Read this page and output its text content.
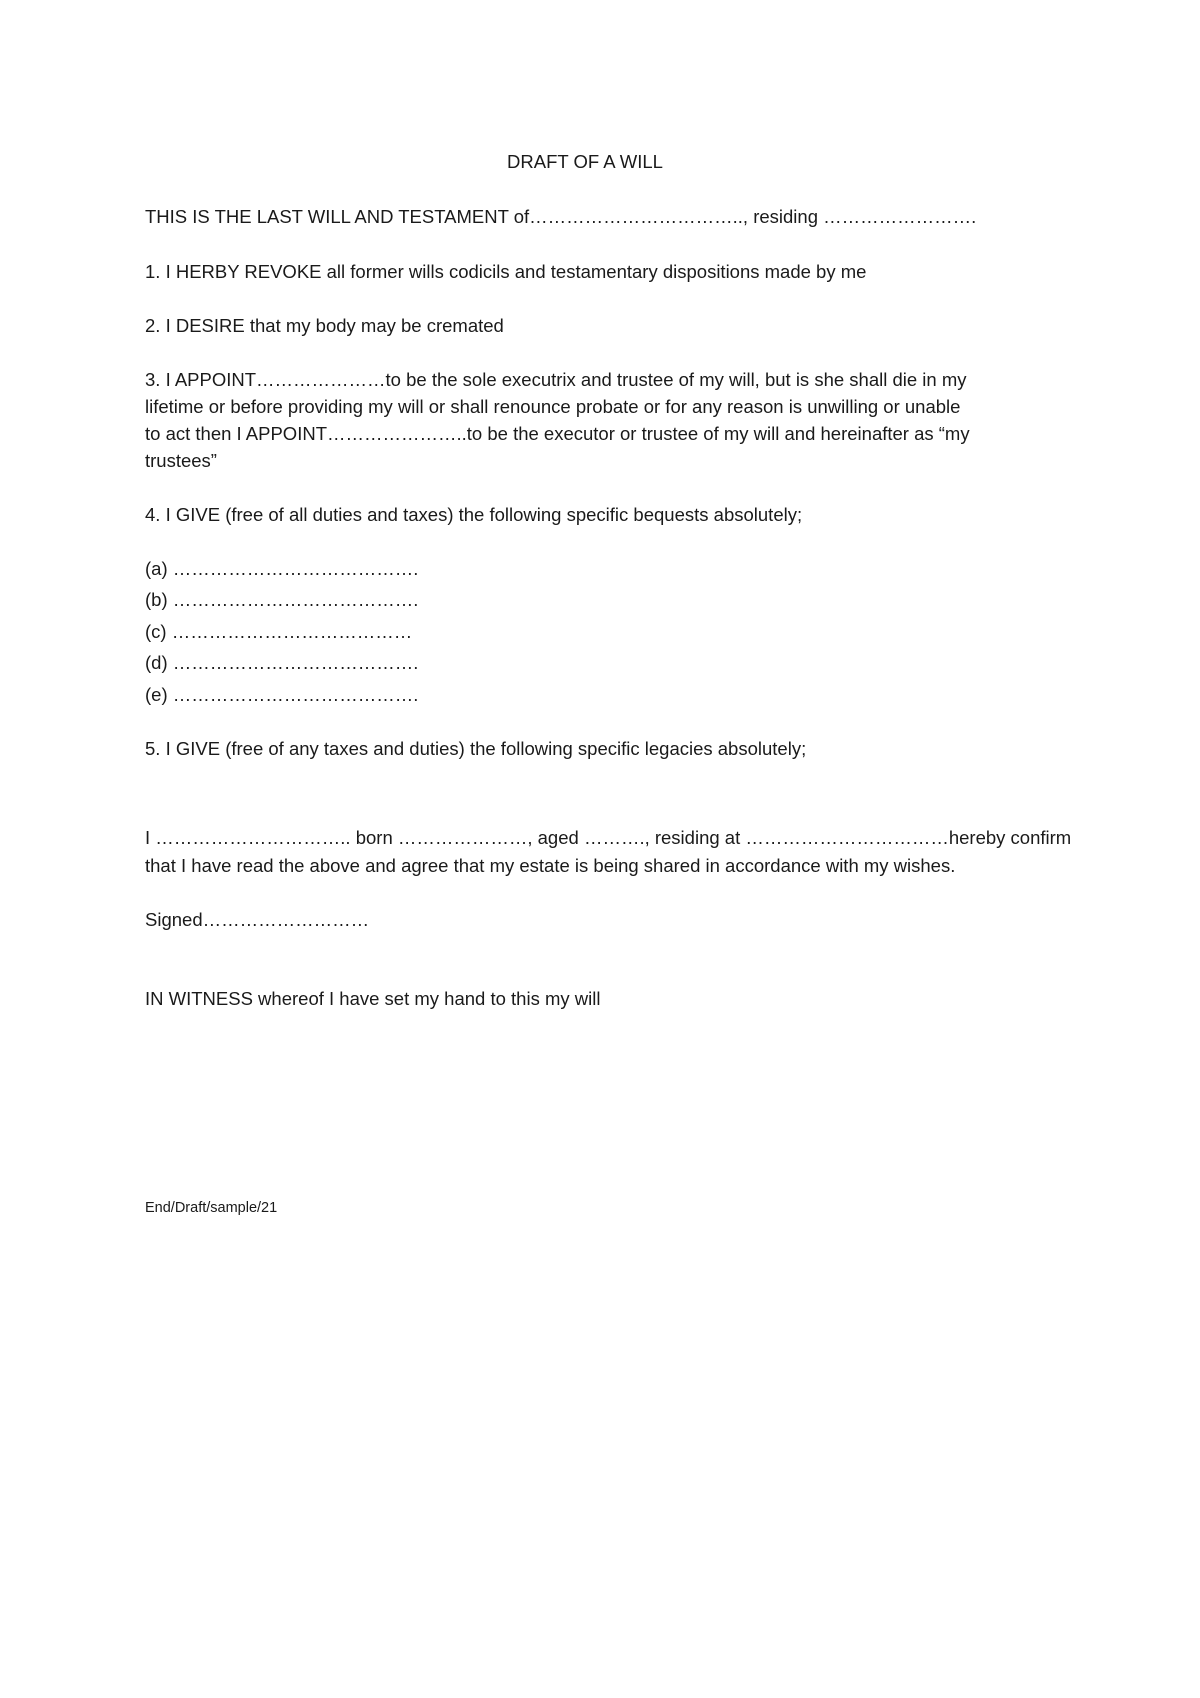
DRAFT OF A WILL
THIS IS THE LAST WILL AND TESTAMENT of…………………………….., residing …………………….
1. I HERBY REVOKE all former wills codicils and testamentary dispositions made by me
2. I DESIRE that my body may be cremated
3. I APPOINT…………………to be the sole executrix and trustee of my will, but is she shall die in my
lifetime or before providing my will or shall renounce probate or for any reason is unwilling or unable
to act then I APPOINT…………………..to be the executor or trustee of my will and hereinafter as “my
trustees”
4. I GIVE (free of all duties and taxes) the following specific bequests absolutely;
(a) ………………………………….
(b) ………………………………….
(c) …………………………………
(d) ………………………………….
(e) ………………………………….
5. I GIVE (free of any taxes and duties) the following specific legacies absolutely;
I ………………………….. born …………………, aged ………., residing at ……………………………hereby confirm
that I have read the above and agree that my estate is being shared in accordance with my wishes.
Signed………………………
IN WITNESS whereof I have set my hand to this my will
End/Draft/sample/21
